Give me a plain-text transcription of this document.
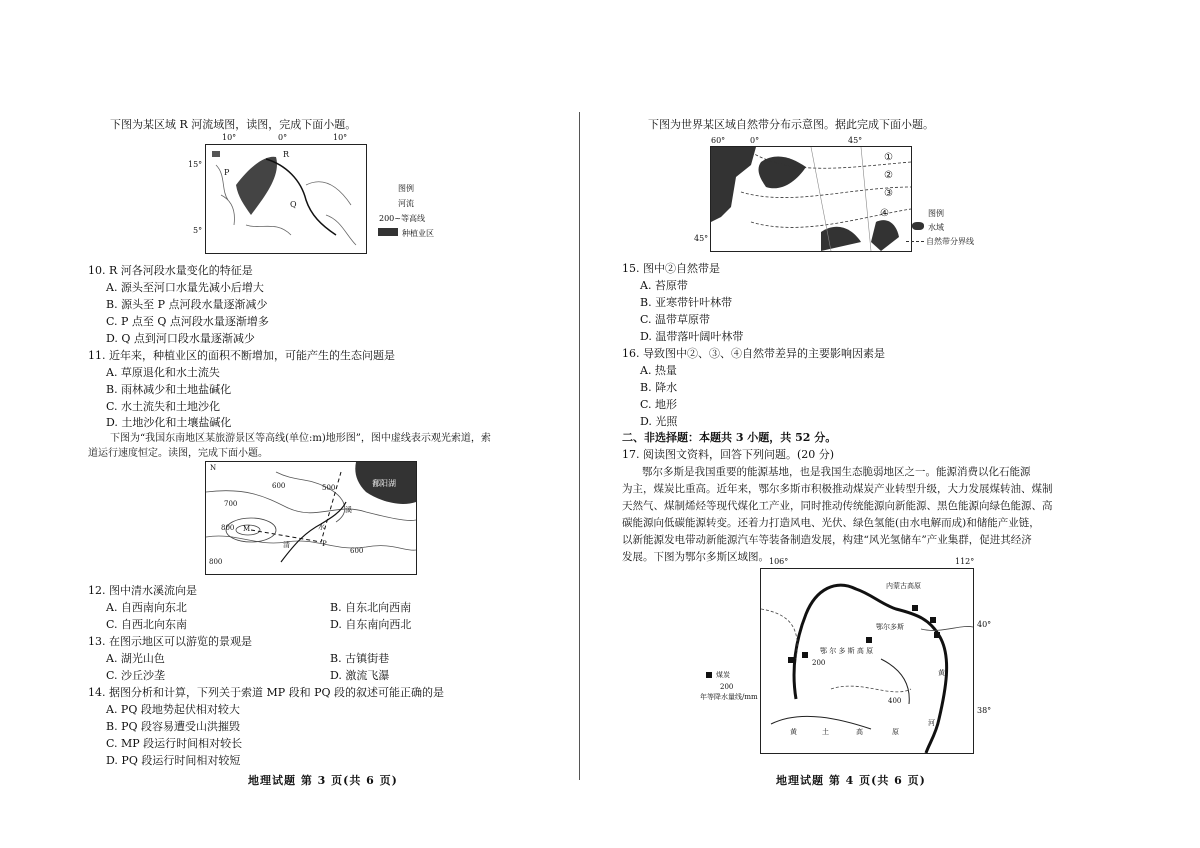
下图为某区域 R 河流域图，读图，完成下面小题。
10°	0°	10°
15°
5°
R
P
Q
图例
河流
200~等高线
种植业区
10. R 河各河段水量变化的特征是
A. 源头至河口水量先减小后增大
B. 源头至 P 点河段水量逐渐减少
C. P 点至 Q 点河段水量逐渐增多
D. Q 点到河口段水量逐渐减少
11. 近年来，种植业区的面积不断增加，可能产生的生态问题是
A. 草原退化和水土流失
B. 雨林减少和土地盐碱化
C. 水土流失和土地沙化
D. 土地沙化和土壤盐碱化
下图为“我国东南地区某旅游景区等高线(单位:m)地形图”，图中虚线表示观光索道，索
道运行速度恒定。读图，完成下面小题。
N
700
600	500
800 M
P
600
800
鄱阳湖
清
水
溪
12. 图中清水溪流向是
A. 自西南向东北	B. 自东北向西南
C. 自西北向东南	D. 自东南向西北
13. 在图示地区可以游览的景观是
A. 湖光山色	B. 古镇街巷
C. 沙丘沙垄	D. 激流飞瀑
14. 据图分析和计算，下列关于索道 MP 段和 PQ 段的叙述可能正确的是
A. PQ 段地势起伏相对较大
B. PQ 段容易遭受山洪摧毁
C. MP 段运行时间相对较长
D. PQ 段运行时间相对较短
地理试题 第 3 页(共 6 页)
下图为世界某区域自然带分布示意图。据此完成下面小题。
60°	0°	45°
45°
①
②
③
④	图例
水域
自然带分界线
15. 图中②自然带是
A. 苔原带
B. 亚寒带针叶林带
C. 温带草原带
D. 温带落叶阔叶林带
16. 导致图中②、③、④自然带差异的主要影响因素是
A. 热量
B. 降水
C. 地形
D. 光照
二、非选择题：本题共 3 小题，共 52 分。
17. 阅读图文资料，回答下列问题。(20 分)
鄂尔多斯是我国重要的能源基地，也是我国生态脆弱地区之一。能源消费以化石能源
为主，煤炭比重高。近年来，鄂尔多斯市积极推动煤炭产业转型升级，大力发展煤转油、煤制
天然气、煤制烯烃等现代煤化工产业，同时推动传统能源向新能源、黑色能源向绿色能源、高
碳能源向低碳能源转变。还着力打造风电、光伏、绿色氢能(由水电解而成)和储能产业链，
以新能源发电带动新能源汽车等装备制造发展，构建“风光氢储车”产业集群，促进其经济
发展。下图为鄂尔多斯区域图。 106°	112°
内蒙古高原
鄂尔多斯
鄂 尔 多 斯 高 原
黄
土	高	原
黄
河
200
400
40°
38°
煤炭
200
年等降水量线/mm
地理试题 第 4 页(共 6 页)
